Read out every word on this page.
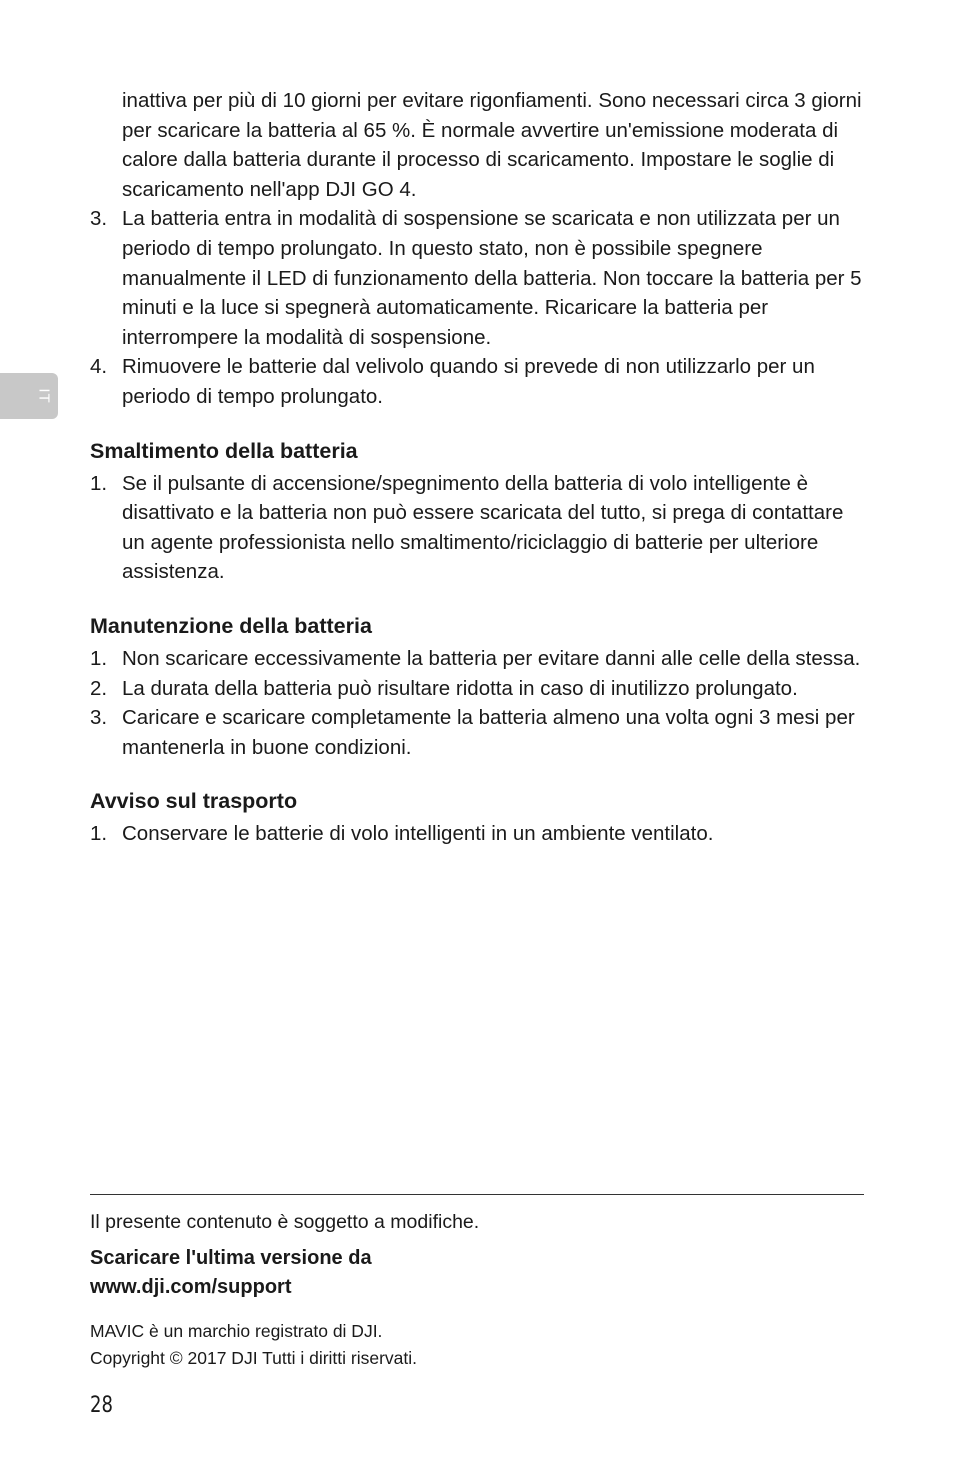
IT

inattiva per più di 10 giorni per evitare rigonfiamenti. Sono necessari circa 3 giorni per scaricare la batteria al 65 %. È normale avvertire un'emissione moderata di calore dalla batteria durante il processo di scaricamento. Impostare le soglie di scaricamento nell'app DJI GO 4.

3. La batteria entra in modalità di sospensione se scaricata e non utilizzata per un periodo di tempo prolungato. In questo stato, non è possibile spegnere manualmente il LED di funzionamento della batteria. Non toccare la batteria per 5 minuti e la luce si spegnerà automaticamente. Ricaricare la batteria per interrompere la modalità di sospensione.
4. Rimuovere le batterie dal velivolo quando si prevede di non utilizzarlo per un periodo di tempo prolungato.
Smaltimento della batteria
1. Se il pulsante di accensione/spegnimento della batteria di volo intelligente è disattivato e la batteria non può essere scaricata del tutto, si prega di contattare un agente professionista nello smaltimento/riciclaggio di batterie per ulteriore assistenza.
Manutenzione della batteria
1. Non scaricare eccessivamente la batteria per evitare danni alle celle della stessa.
2. La durata della batteria può risultare ridotta in caso di inutilizzo prolungato.
3. Caricare e scaricare completamente la batteria almeno una volta ogni 3 mesi per mantenerla in buone condizioni.
Avviso sul trasporto
1. Conservare le batterie di volo intelligenti in un ambiente ventilato.
Il presente contenuto è soggetto a modifiche.
Scaricare l'ultima versione da
www.dji.com/support
MAVIC è un marchio registrato di DJI.
Copyright © 2017 DJI Tutti i diritti riservati.
28
